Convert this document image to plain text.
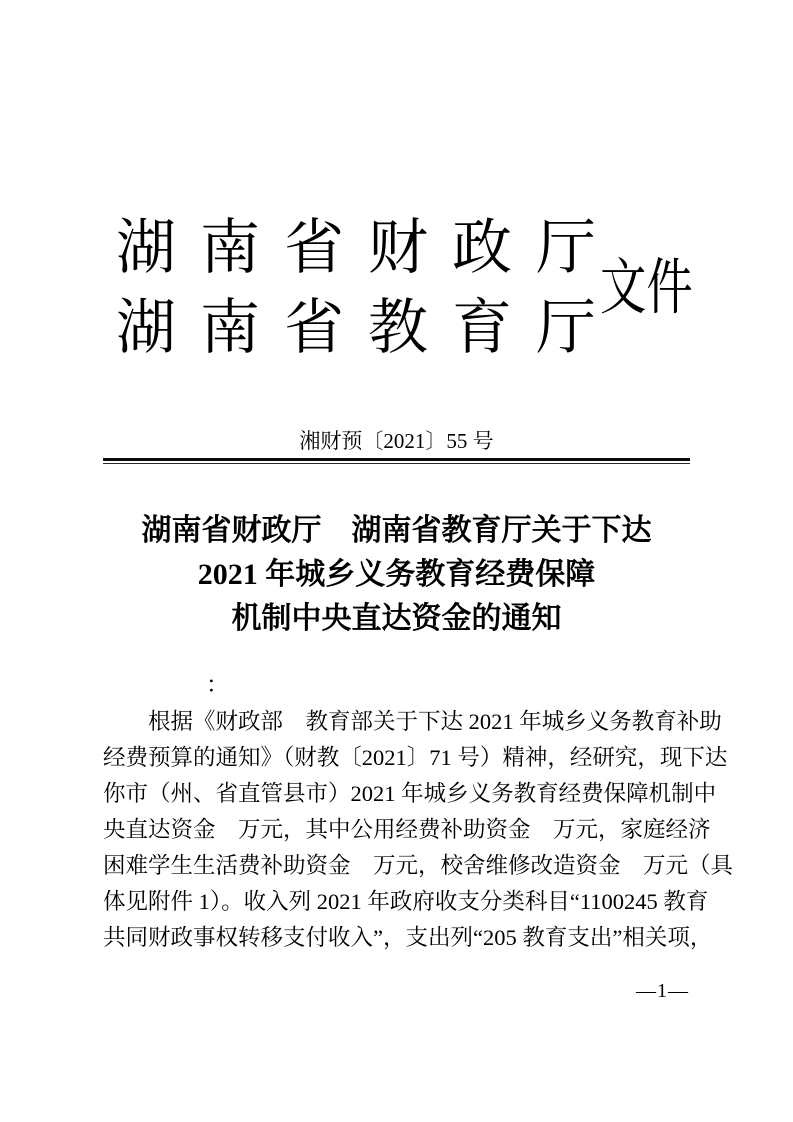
湖南省财政厅
湖南省教育厅
文件
湘财预〔2021〕55 号
湖南省财政厅　湖南省教育厅关于下达
2021 年城乡义务教育经费保障
机制中央直达资金的通知
：
根据《财政部　教育部关于下达 2021 年城乡义务教育补助
经费预算的通知》（财教〔2021〕71 号）精神，经研究，现下达
你市（州、省直管县市）2021 年城乡义务教育经费保障机制中
央直达资金　万元，其中公用经费补助资金　万元，家庭经济
困难学生生活费补助资金　万元，校舍维修改造资金　万元（具
体见附件 1）。收入列 2021 年政府收支分类科目“1100245 教育
共同财政事权转移支付收入”，支出列“205 教育支出”相关项，
—1—
